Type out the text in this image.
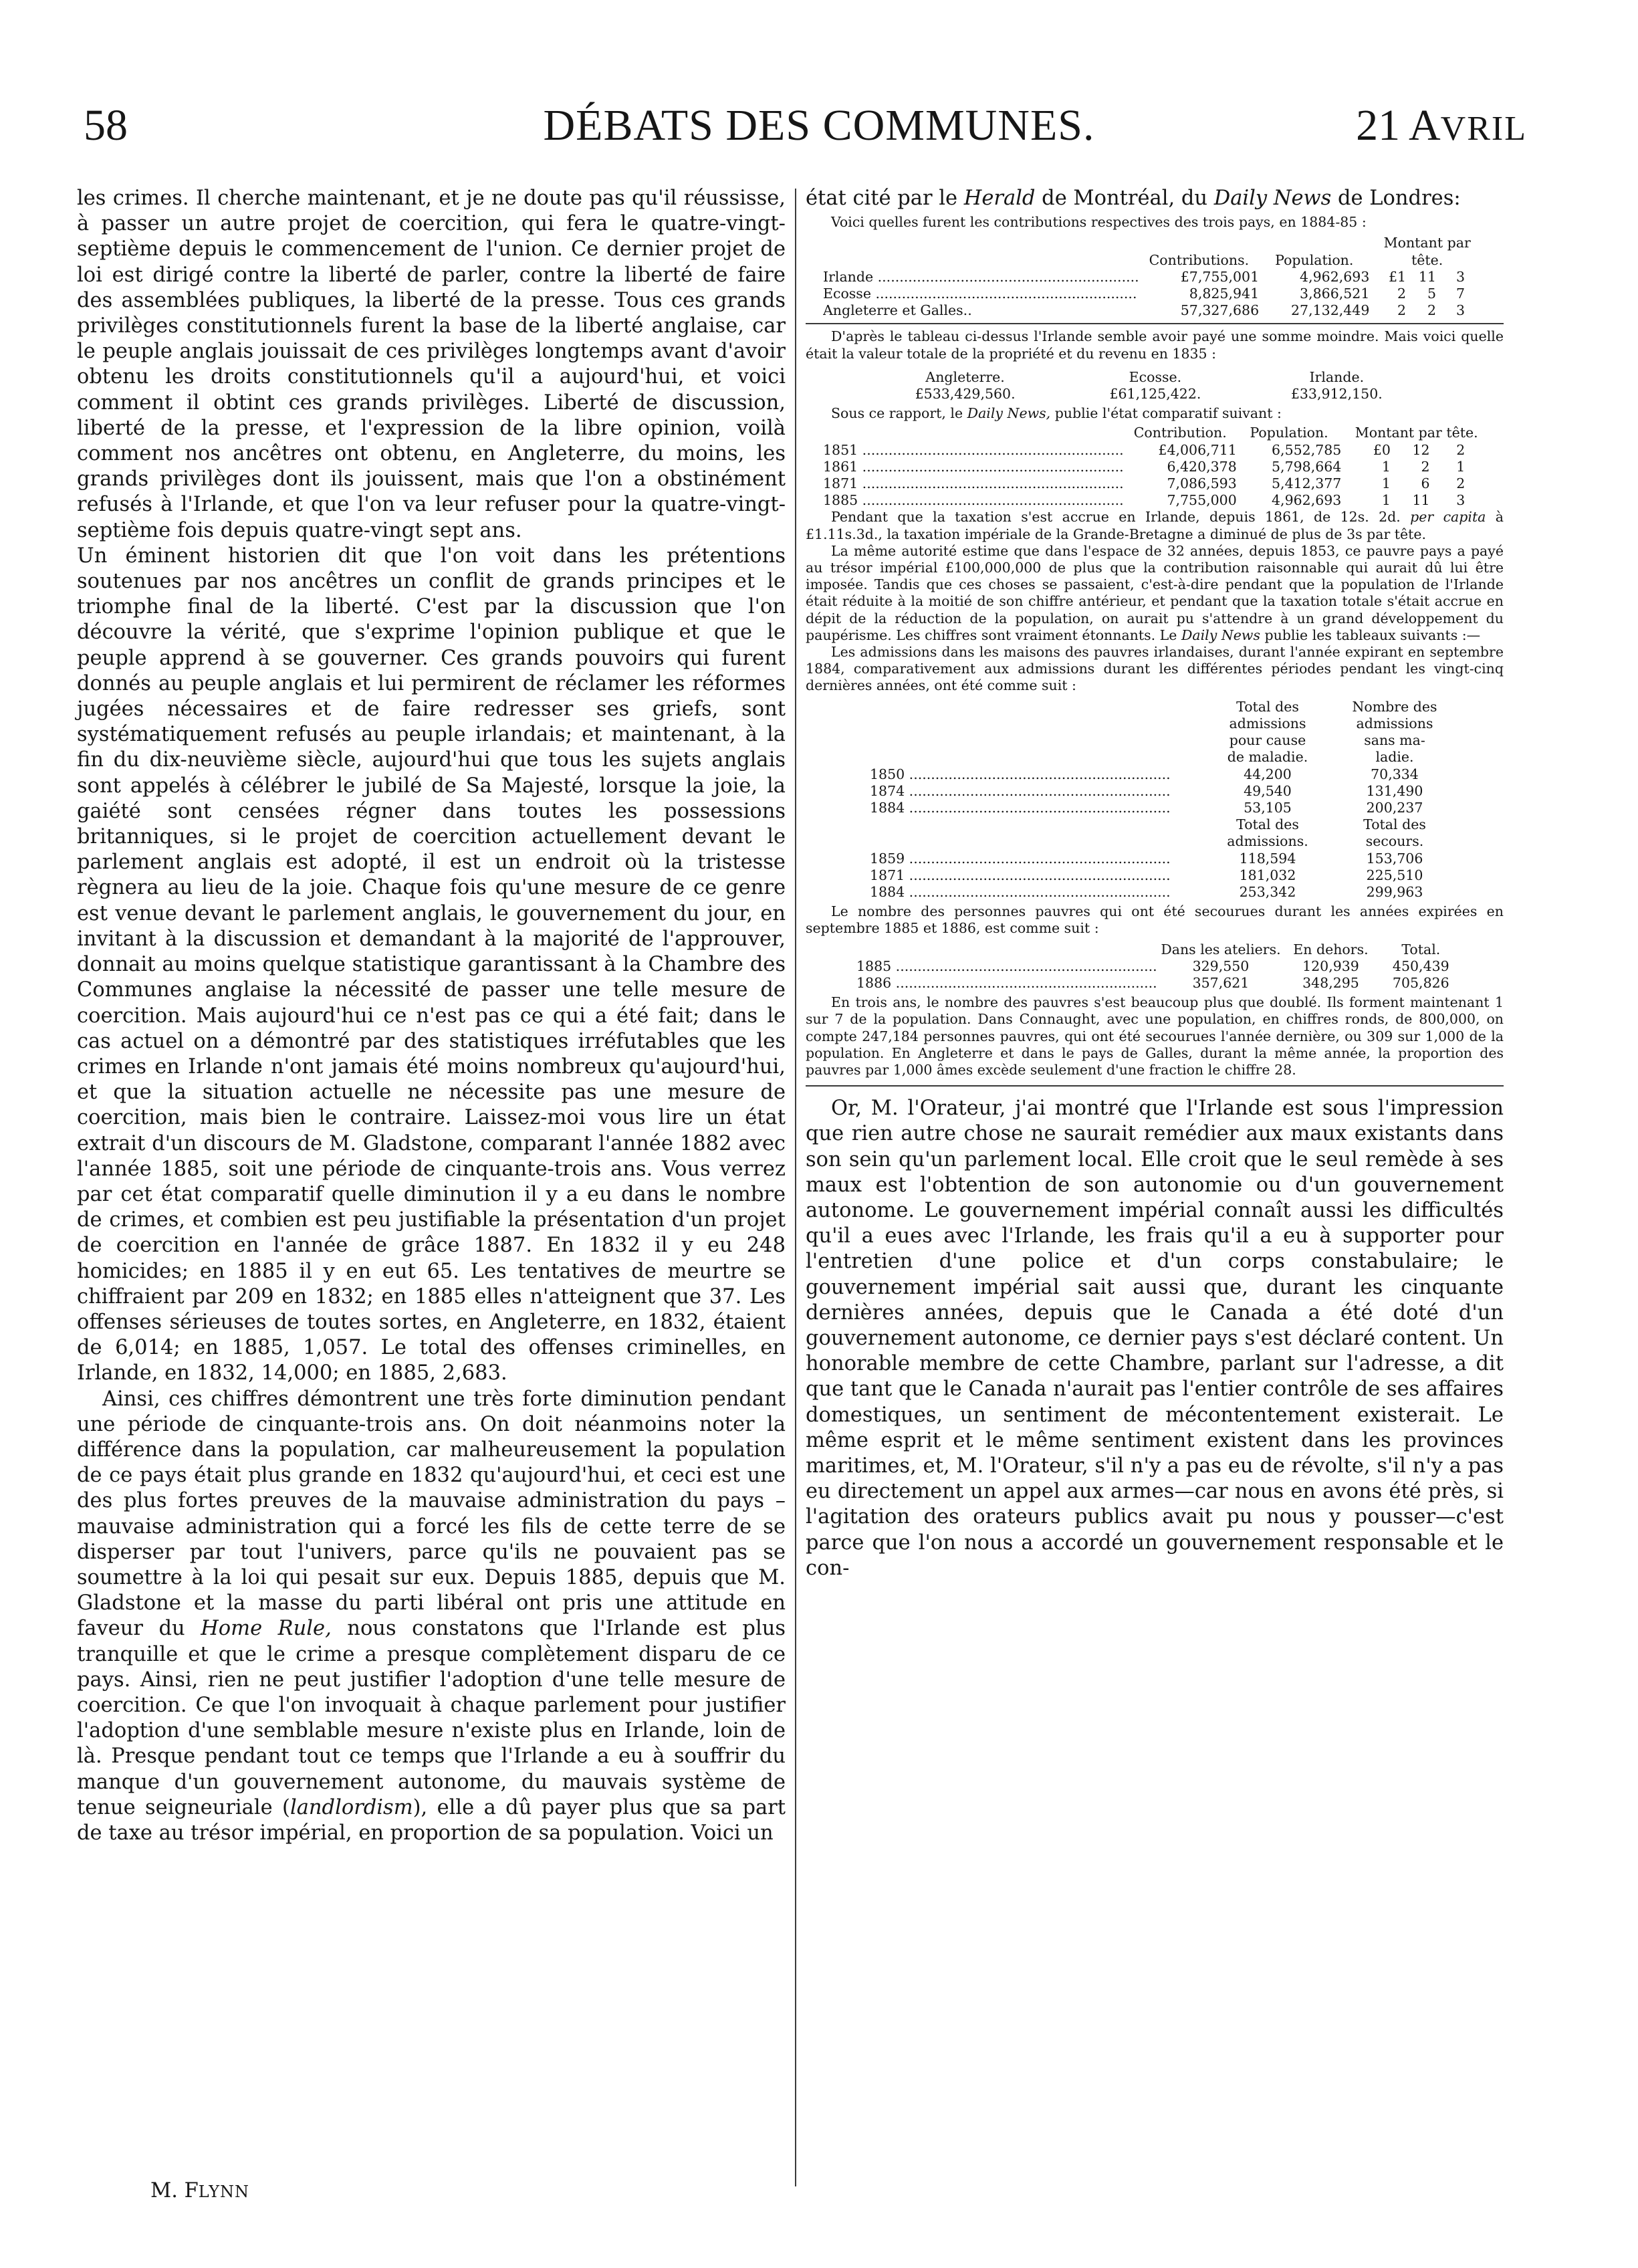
58	DÉBATS DES COMMUNES.	21 AVRIL

les crimes. Il cherche maintenant, et je ne doute pas qu'il réussisse, à passer un autre projet de coercition, qui fera le quatre-vingt-septième depuis le commencement de l'union. Ce dernier projet de loi est dirigé contre la liberté de parler, contre la liberté de faire des assemblées publiques, la liberté de la presse. Tous ces grands privilèges constitutionnels furent la base de la liberté anglaise, car le peuple anglais jouissait de ces privilèges longtemps avant d'avoir obtenu les droits constitutionnels qu'il a aujourd'hui, et voici comment il obtint ces grands privilèges. Liberté de discussion, liberté de la presse, et l'expression de la libre opinion, voilà comment nos ancêtres ont obtenu, en Angleterre, du moins, les grands privilèges dont ils jouissent, mais que l'on a obstinément refusés à l'Irlande, et que l'on va leur refuser pour la quatre-vingt-septième fois depuis quatre-vingt sept ans.

Un éminent historien dit que l'on voit dans les prétentions soutenues par nos ancêtres un conflit de grands principes et le triomphe final de la liberté. C'est par la discussion que l'on découvre la vérité, que s'exprime l'opinion publique et que le peuple apprend à se gouverner. Ces grands pouvoirs qui furent donnés au peuple anglais et lui permirent de réclamer les réformes jugées nécessaires et de faire redresser ses griefs, sont systématiquement refusés au peuple irlandais; et maintenant, à la fin du dix-neuvième siècle, aujourd'hui que tous les sujets anglais sont appelés à célébrer le jubilé de Sa Majesté, lorsque la joie, la gaiété sont censées régner dans toutes les possessions britanniques, si le projet de coercition actuellement devant le parlement anglais est adopté, il est un endroit où la tristesse règnera au lieu de la joie. Chaque fois qu'une mesure de ce genre est venue devant le parlement anglais, le gouvernement du jour, en invitant à la discussion et demandant à la majorité de l'approuver, donnait au moins quelque statistique garantissant à la Chambre des Communes anglaise la nécessité de passer une telle mesure de coercition. Mais aujourd'hui ce n'est pas ce qui a été fait; dans le cas actuel on a démontré par des statistiques irréfutables que les crimes en Irlande n'ont jamais été moins nombreux qu'aujourd'hui, et que la situation actuelle ne nécessite pas une mesure de coercition, mais bien le contraire. Laissez-moi vous lire un état extrait d'un discours de M. Gladstone, comparant l'année 1882 avec l'année 1885, soit une période de cinquante-trois ans. Vous verrez par cet état comparatif quelle diminution il y a eu dans le nombre de crimes, et combien est peu justifiable la présentation d'un projet de coercition en l'année de grâce 1887. En 1832 il y eu 248 homicides; en 1885 il y en eut 65. Les tentatives de meurtre se chiffraient par 209 en 1832; en 1885 elles n'atteignent que 37. Les offenses sérieuses de toutes sortes, en Angleterre, en 1832, étaient de 6,014; en 1885, 1,057. Le total des offenses criminelles, en Irlande, en 1832, 14,000; en 1885, 2,683.

Ainsi, ces chiffres démontrent une très forte diminution pendant une période de cinquante-trois ans. On doit néanmoins noter la différence dans la population, car malheureusement la population de ce pays était plus grande en 1832 qu'aujourd'hui, et ceci est une des plus fortes preuves de la mauvaise administration du pays – mauvaise administration qui a forcé les fils de cette terre de se disperser par tout l'univers, parce qu'ils ne pouvaient pas se soumettre à la loi qui pesait sur eux. Depuis 1885, depuis que M. Gladstone et la masse du parti libéral ont pris une attitude en faveur du Home Rule, nous constatons que l'Irlande est plus tranquille et que le crime a presque complètement disparu de ce pays. Ainsi, rien ne peut justifier l'adoption d'une telle mesure de coercition. Ce que l'on invoquait à chaque parlement pour justifier l'adoption d'une semblable mesure n'existe plus en Irlande, loin de là. Presque pendant tout ce temps que l'Irlande a eu à souffrir du manque d'un gouvernement autonome, du mauvais système de tenue seigneuriale (landlordism), elle a dû payer plus que sa part de taxe au trésor impérial, en proportion de sa population. Voici un

M. FLYNN

état cité par le Herald de Montréal, du Daily News de Londres:

Voici quelles furent les contributions respectives des trois pays, en 1884-85 :

			Montant par		
	Contributions.	Population.	tête.		
Irlande ............................................................	£7,755,001	4,962,693	£1	11	3
Ecosse ............................................................	8,825,941	3,866,521	2	5	7
Angleterre et Galles..	57,327,686	27,132,449	2	2	3

D'après le tableau ci-dessus l'Irlande semble avoir payé une somme moindre. Mais voici quelle était la valeur totale de la propriété et du revenu en 1835 :

Angleterre.	Ecosse.	Irlande.
£533,429,560.	£61,125,422.	£33,912,150.

Sous ce rapport, le Daily News, publie l'état comparatif suivant :

	Contribution.	Population.	Montant par tête.		
1851 ............................................................	£4,006,711	6,552,785	£0	12	2
1861 ............................................................	6,420,378	5,798,664	1	2	1
1871 ............................................................	7,086,593	5,412,377	1	6	2
1885 ............................................................	7,755,000	4,962,693	1	11	3

Pendant que la taxation s'est accrue en Irlande, depuis 1861, de 12s. 2d. per capita à £1.11s.3d., la taxation impériale de la Grande-Bretagne a diminué de plus de 3s par tête.

La même autorité estime que dans l'espace de 32 années, depuis 1853, ce pauvre pays a payé au trésor impérial £100,000,000 de plus que la contribution raisonnable qui aurait dû lui être imposée. Tandis que ces choses se passaient, c'est-à-dire pendant que la population de l'Irlande était réduite à la moitié de son chiffre antérieur, et pendant que la taxation totale s'était accrue en dépit de la réduction de la population, on aurait pu s'attendre à un grand développement du paupérisme. Les chiffres sont vraiment étonnants. Le Daily News publie les tableaux suivants :—

Les admissions dans les maisons des pauvres irlandaises, durant l'année expirant en septembre 1884, comparativement aux admissions durant les différentes périodes pendant les vingt-cinq dernières années, ont été comme suit :

	Total des
admissions
pour cause
de maladie.	Nombre des
admissions
sans ma-
ladie.
1850 ............................................................	44,200	70,334
1874 ............................................................	49,540	131,490
1884 ............................................................	53,105	200,237
	Total des
admissions.	Total des
secours.
1859 ............................................................	118,594	153,706
1871 ............................................................	181,032	225,510
1884 ............................................................	253,342	299,963

Le nombre des personnes pauvres qui ont été secourues durant les années expirées en septembre 1885 et 1886, est comme suit :

	Dans les ateliers.	En dehors.	Total.
1885 ............................................................	329,550	120,939	450,439
1886 ............................................................	357,621	348,295	705,826

En trois ans, le nombre des pauvres s'est beaucoup plus que doublé. Ils forment maintenant 1 sur 7 de la population. Dans Connaught, avec une population, en chiffres ronds, de 800,000, on compte 247,184 personnes pauvres, qui ont été secourues l'année dernière, ou 309 sur 1,000 de la population. En Angleterre et dans le pays de Galles, durant la même année, la proportion des pauvres par 1,000 âmes excède seulement d'une fraction le chiffre 28.

Or, M. l'Orateur, j'ai montré que l'Irlande est sous l'impression que rien autre chose ne saurait remédier aux maux existants dans son sein qu'un parlement local. Elle croit que le seul remède à ses maux est l'obtention de son autonomie ou d'un gouvernement autonome. Le gouvernement impérial connaît aussi les difficultés qu'il a eues avec l'Irlande, les frais qu'il a eu à supporter pour l'entretien d'une police et d'un corps constabulaire; le gouvernement impérial sait aussi que, durant les cinquante dernières années, depuis que le Canada a été doté d'un gouvernement autonome, ce dernier pays s'est déclaré content. Un honorable membre de cette Chambre, parlant sur l'adresse, a dit que tant que le Canada n'aurait pas l'entier contrôle de ses affaires domestiques, un sentiment de mécontentement existerait. Le même esprit et le même sentiment existent dans les provinces maritimes, et, M. l'Orateur, s'il n'y a pas eu de révolte, s'il n'y a pas eu directement un appel aux armes—car nous en avons été près, si l'agitation des orateurs publics avait pu nous y pousser—c'est parce que l'on nous a accordé un gouvernement responsable et le con-
